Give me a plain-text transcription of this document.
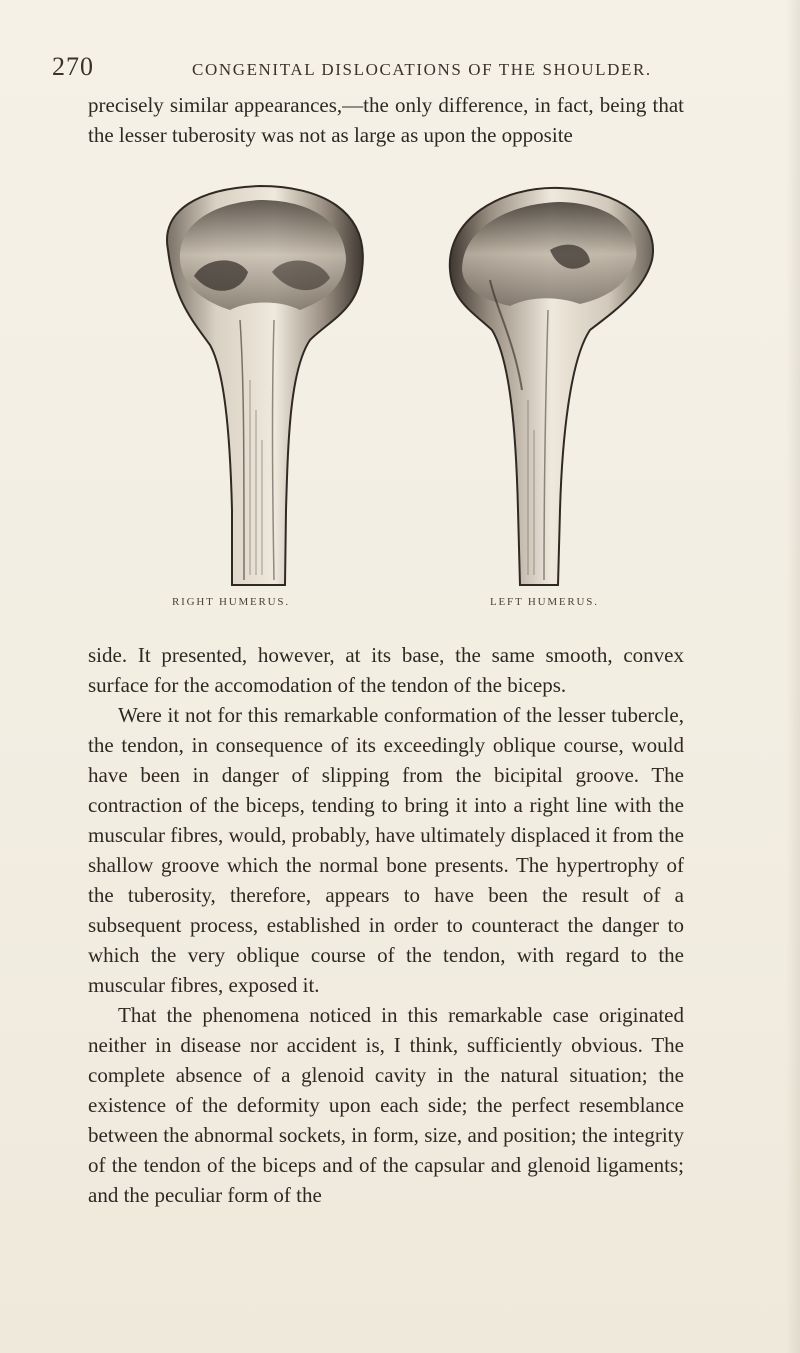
270	CONGENITAL DISLOCATIONS OF THE SHOULDER.

precisely similar appearances,—the only difference, in fact, being that the lesser tuberosity was not as large as upon the opposite

RIGHT HUMERUS.	LEFT HUMERUS.

side. It presented, however, at its base, the same smooth, convex surface for the accomodation of the tendon of the biceps.

Were it not for this remarkable conformation of the lesser tubercle, the tendon, in consequence of its exceedingly oblique course, would have been in danger of slipping from the bicipital groove. The contraction of the biceps, tending to bring it into a right line with the muscular fibres, would, probably, have ultimately displaced it from the shallow groove which the normal bone presents. The hypertrophy of the tuberosity, therefore, appears to have been the result of a subsequent process, established in order to counteract the danger to which the very oblique course of the tendon, with regard to the muscular fibres, exposed it.

That the phenomena noticed in this remarkable case originated neither in disease nor accident is, I think, sufficiently obvious. The complete absence of a glenoid cavity in the natural situation; the existence of the deformity upon each side; the perfect resemblance between the abnormal sockets, in form, size, and position; the integrity of the tendon of the biceps and of the capsular and glenoid ligaments; and the peculiar form of the
